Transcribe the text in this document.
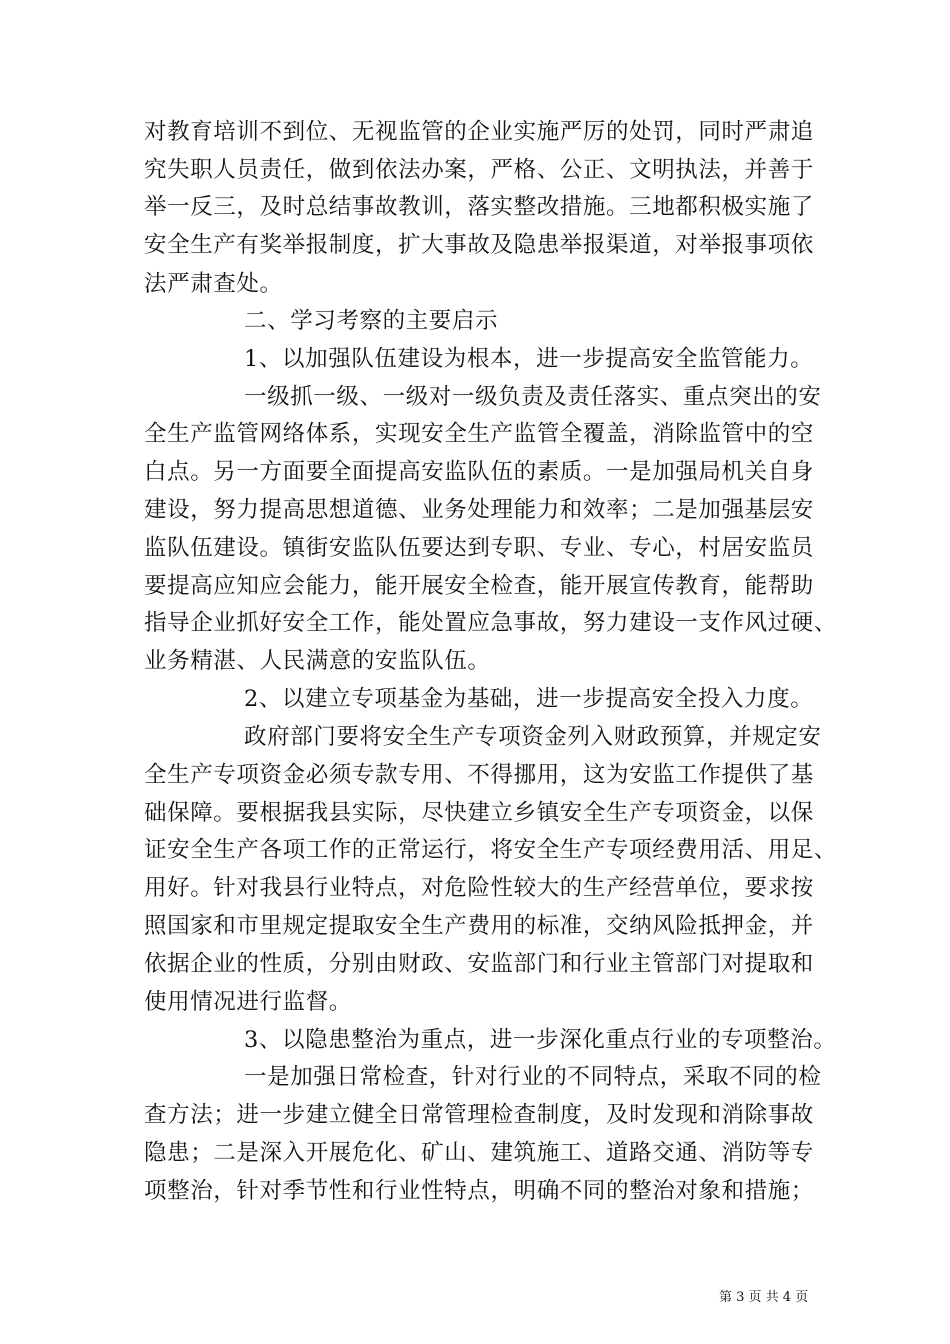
对教育培训不到位、无视监管的企业实施严厉的处罚，同时严肃追
究失职人员责任，做到依法办案，严格、公正、文明执法，并善于
举一反三，及时总结事故教训，落实整改措施。三地都积极实施了
安全生产有奖举报制度，扩大事故及隐患举报渠道，对举报事项依
法严肃查处。
二、学习考察的主要启示
1、以加强队伍建设为根本，进一步提高安全监管能力。
一级抓一级、一级对一级负责及责任落实、重点突出的安
全生产监管网络体系，实现安全生产监管全覆盖，消除监管中的空
白点。另一方面要全面提高安监队伍的素质。一是加强局机关自身
建设，努力提高思想道德、业务处理能力和效率；二是加强基层安
监队伍建设。镇街安监队伍要达到专职、专业、专心，村居安监员
要提高应知应会能力，能开展安全检查，能开展宣传教育，能帮助
指导企业抓好安全工作，能处置应急事故，努力建设一支作风过硬、
业务精湛、人民满意的安监队伍。
2、以建立专项基金为基础，进一步提高安全投入力度。
政府部门要将安全生产专项资金列入财政预算，并规定安
全生产专项资金必须专款专用、不得挪用，这为安监工作提供了基
础保障。要根据我县实际，尽快建立乡镇安全生产专项资金，以保
证安全生产各项工作的正常运行，将安全生产专项经费用活、用足、
用好。针对我县行业特点，对危险性较大的生产经营单位，要求按
照国家和市里规定提取安全生产费用的标准，交纳风险抵押金，并
依据企业的性质，分别由财政、安监部门和行业主管部门对提取和
使用情况进行监督。
3、以隐患整治为重点，进一步深化重点行业的专项整治。
一是加强日常检查，针对行业的不同特点，采取不同的检
查方法；进一步建立健全日常管理检查制度，及时发现和消除事故
隐患；二是深入开展危化、矿山、建筑施工、道路交通、消防等专
项整治，针对季节性和行业性特点，明确不同的整治对象和措施；
第 3 页 共 4 页
